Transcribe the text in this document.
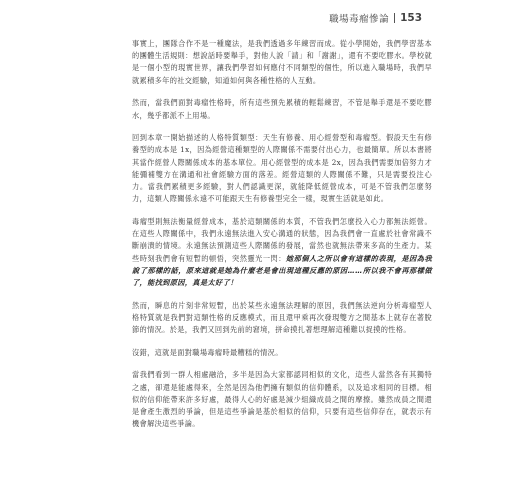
職場毒瘤慘論 153

事實上，團隊合作不是一種魔法，是我們透過多年練習而成。從小學開始，我們學習基本的團體生活規則：想說話時要舉手，對他人說「請」和「謝謝」，還有不要吃膠水。學校就是一個小型的現實世界，讓我們學習如何應付不同類型的個性，所以進入職場時，我們早就累積多年的社交經驗，知道如何與各種性格的人互動。

然而，當我們面對毒瘤性格時，所有這些預先累積的輕鬆練習，不管是舉手還是不要吃膠水，幾乎都派不上用場。

回到本章一開始描述的人格特質類型：天生有修養、用心經營型和毒瘤型。假設天生有修養型的成本是 1x，因為經營這種類型的人際關係不需要付出心力，也最簡單。所以本書將其當作經營人際關係成本的基本單位。用心經營型的成本是 2x，因為我們需要加倍努力才能彌補雙方在溝通和社會經驗方面的落差。經營這類的人際關係不難，只是需要投注心力。當我們累積更多經驗，對人們認識更深，就能降低經營成本，可是不管我們怎麼努力，這類人際關係永遠不可能跟天生有修養型完全一樣，現實生活就是如此。

毒瘤型則無法衡量經營成本，基於這類關係的本質，不管我們怎麼投入心力都無法經營。在這些人際關係中，我們永遠無法進入安心溝通的狀態，因為我們會一直處於社會常識不斷崩潰的情境。永遠無法預測這些人際關係的發展，當然也就無法帶來多高的生產力。某些時刻我們會有短暫的頓悟，突然靈光一閃：她那個人之所以會有這樣的表現，是因為我說了那樣的話，原來這就是她為什麼老是會出現這種反應的原因……所以我不會再那樣做了，能找到原因，真是太好了！

然而，瞬息的片刻非常短暫，出於某些永遠無法理解的原因，我們無法逆向分析毒瘤型人格特質就是我們對這類性格的反應模式，而且還甲乘再次發現雙方之間基本上就存在著脫節的情況。於是，我們又回到先前的窘境，拼命摸扎著想理解這種難以捉摸的性格。

沒錯，這就是面對職場毒瘤時最糟糕的情況。

當我們看到一群人相處融洽，多半是因為大家都認同相似的文化，這些人當然各有其獨特之處，卻還是能處得來，全然是因為他們擁有類似的信仰體系，以及追求相同的目標。相似的信仰能帶來許多好處，最得人心的好處是減少組織成員之間的摩擦。雖然成員之間還是會產生激烈的爭論，但是這些爭論是基於相似的信仰，只要有這些信仰存在，就表示有機會解決這些爭論。
